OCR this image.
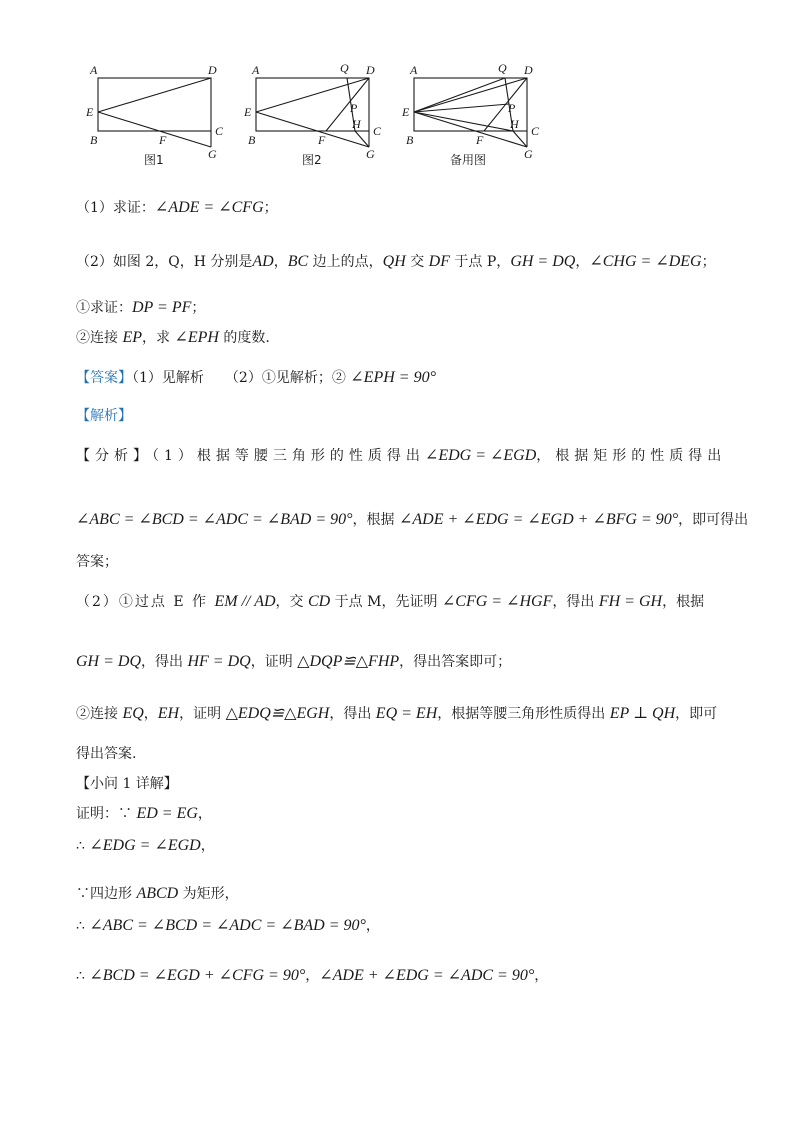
A	D
E
B	F
C
G
图1
A	Q D
E	P
H
B	F
C
G
图2
A	Q D
E	P
H
B	F
C
G
备用图
（1）求证：∠ADE = ∠CFG；
（2）如图 2，Q，H 分别是AD，BC 边上的点，QH 交 DF 于点 P，GH = DQ，∠CHG = ∠DEG；
①求证：DP = PF；
②连接 EP，求 ∠EPH 的度数.
【答案】（1）见解析　　（2）①见解析；② ∠EPH = 90°
【解析】
【分析】（1）根据等腰三角形的性质得出 ∠EDG = ∠EGD ，根据矩形的性质得出
∠ABC = ∠BCD = ∠ADC = ∠BAD = 90°，根据 ∠ADE + ∠EDG = ∠EGD + ∠BFG = 90°，即可得出
答案；
（2）①过点 E 作 EM // AD，交 CD 于点 M，先证明 ∠CFG = ∠HGF，得出 FH = GH，根据
GH = DQ，得出 HF = DQ，证明 △DQP≌△FHP，得出答案即可；
②连接 EQ，EH，证明 △EDQ≌△EGH，得出 EQ = EH，根据等腰三角形性质得出 EP ⊥ QH，即可
得出答案.
【小问 1 详解】
证明：∵ ED = EG，
∴ ∠EDG = ∠EGD，
∵四边形 ABCD 为矩形，
∴ ∠ABC = ∠BCD = ∠ADC = ∠BAD = 90°，
∴ ∠BCD = ∠EGD + ∠CFG = 90°，∠ADE + ∠EDG = ∠ADC = 90°，
